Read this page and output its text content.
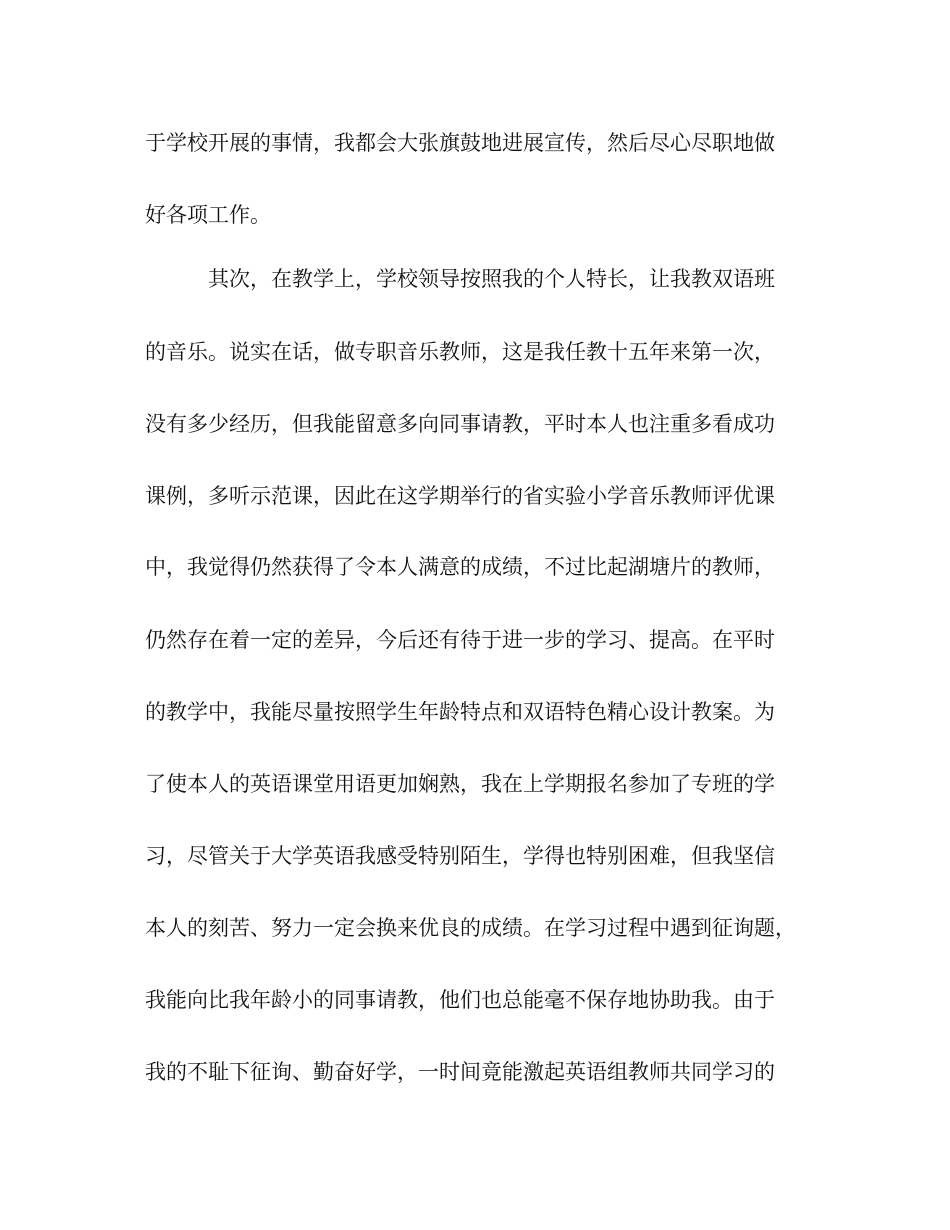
于学校开展的事情，我都会大张旗鼓地进展宣传，然后尽心尽职地做

好各项工作。

其次，在教学上，学校领导按照我的个人特长，让我教双语班

的音乐。说实在话，做专职音乐教师，这是我任教十五年来第一次，

没有多少经历，但我能留意多向同事请教，平时本人也注重多看成功

课例，多听示范课，因此在这学期举行的省实验小学音乐教师评优课

中，我觉得仍然获得了令本人满意的成绩，不过比起湖塘片的教师，

仍然存在着一定的差异，今后还有待于进一步的学习、提高。在平时

的教学中，我能尽量按照学生年龄特点和双语特色精心设计教案。为

了使本人的英语课堂用语更加娴熟，我在上学期报名参加了专班的学

习，尽管关于大学英语我感受特别陌生，学得也特别困难，但我坚信

本人的刻苦、努力一定会换来优良的成绩。在学习过程中遇到征询题，

我能向比我年龄小的同事请教，他们也总能毫不保存地协助我。由于

我的不耻下征询、勤奋好学，一时间竟能激起英语组教师共同学习的
